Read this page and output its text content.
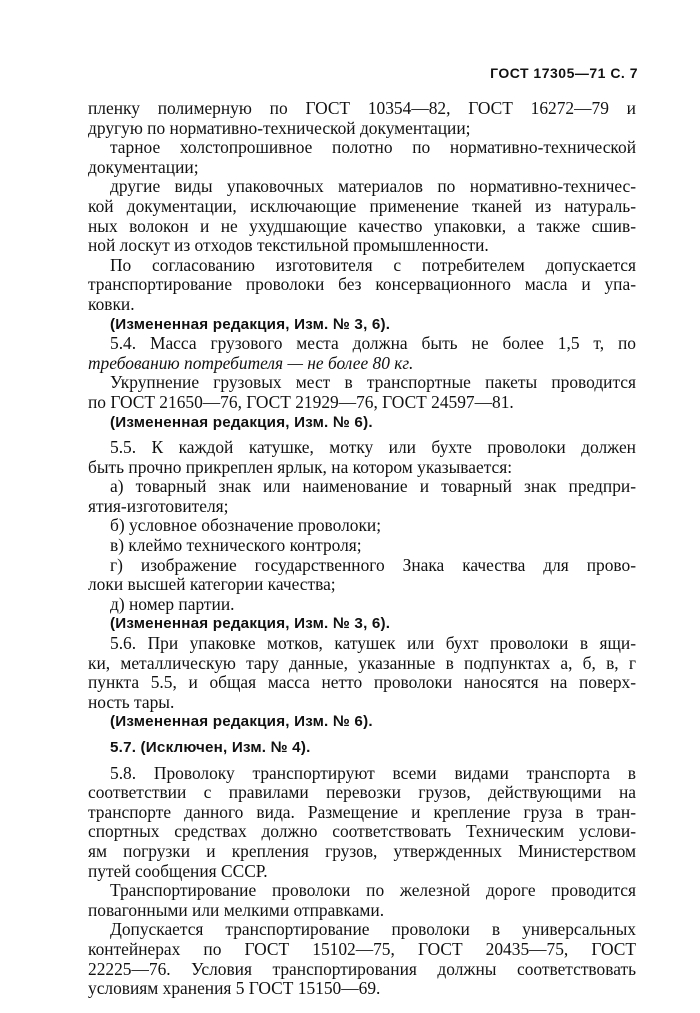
ГОСТ 17305—71 С. 7
пленку полимерную по ГОСТ 10354—82, ГОСТ 16272—79 и
другую по нормативно-технической документации;
тарное холстопрошивное полотно по нормативно-технической
документации;
другие виды упаковочных материалов по нормативно-техничес-
кой документации, исключающие применение тканей из натураль-
ных волокон и не ухудшающие качество упаковки, а также сшив-
ной лоскут из отходов текстильной промышленности.
По согласованию изготовителя с потребителем допускается
транспортирование проволоки без консервационного масла и упа-
ковки.
(Измененная редакция, Изм. № 3, 6).
5.4. Масса грузового места должна быть не более 1,5 т, по
требованию потребителя — не более 80 кг.
Укрупнение грузовых мест в транспортные пакеты проводится
по ГОСТ 21650—76, ГОСТ 21929—76, ГОСТ 24597—81.
(Измененная редакция, Изм. № 6).
5.5. К каждой катушке, мотку или бухте проволоки должен
быть прочно прикреплен ярлык, на котором указывается:
а) товарный знак или наименование и товарный знак предпри-
ятия-изготовителя;
б) условное обозначение проволоки;
в) клеймо технического контроля;
г) изображение государственного Знака качества для прово-
локи высшей категории качества;
д) номер партии.
(Измененная редакция, Изм. № 3, 6).
5.6. При упаковке мотков, катушек или бухт проволоки в ящи-
ки, металлическую тару данные, указанные в подпунктах а, б, в, г
пункта 5.5, и общая масса нетто проволоки наносятся на поверх-
ность тары.
(Измененная редакция, Изм. № 6).
5.7. (Исключен, Изм. № 4).
5.8. Проволоку транспортируют всеми видами транспорта в
соответствии с правилами перевозки грузов, действующими на
транспорте данного вида. Размещение и крепление груза в тран-
спортных средствах должно соответствовать Техническим услови-
ям погрузки и крепления грузов, утвержденных Министерством
путей сообщения СССР.
Транспортирование проволоки по железной дороге проводится
повагонными или мелкими отправками.
Допускается транспортирование проволоки в универсальных
контейнерах по ГОСТ 15102—75, ГОСТ 20435—75, ГОСТ
22225—76. Условия транспортирования должны соответствовать
условиям хранения 5 ГОСТ 15150—69.
